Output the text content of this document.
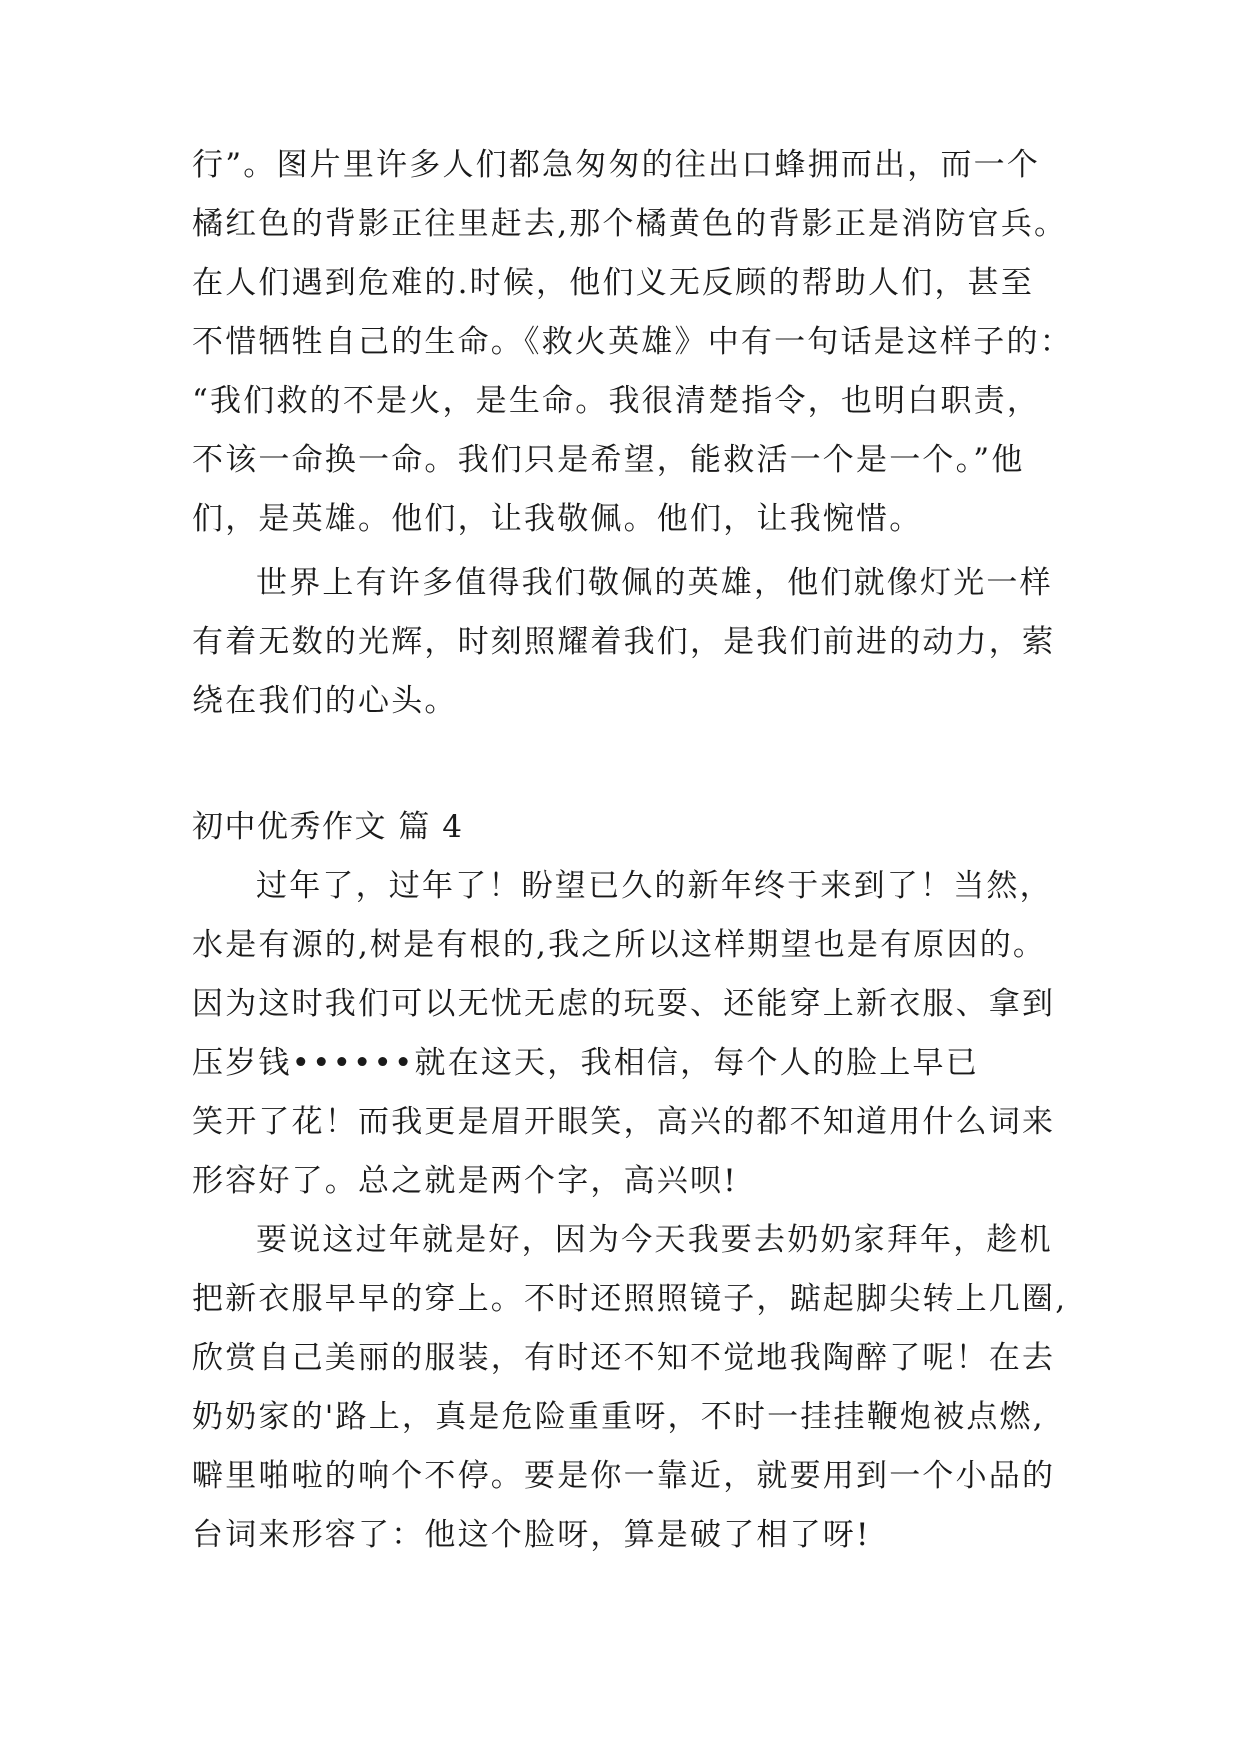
行”。图片里许多人们都急匆匆的往出口蜂拥而出，而一个
橘红色的背影正往里赶去,那个橘黄色的背影正是消防官兵。
在人们遇到危难的.时候，他们义无反顾的帮助人们，甚至
不惜牺牲自己的生命。《救火英雄》中有一句话是这样子的：
“我们救的不是火，是生命。我很清楚指令，也明白职责，
不该一命换一命。我们只是希望，能救活一个是一个。”他
们，是英雄。他们，让我敬佩。他们，让我惋惜。
世界上有许多值得我们敬佩的英雄，他们就像灯光一样
有着无数的光辉，时刻照耀着我们，是我们前进的动力，萦
绕在我们的心头。
初中优秀作文 篇 4
过年了，过年了！盼望已久的新年终于来到了！当然，
水是有源的,树是有根的,我之所以这样期望也是有原因的。
因为这时我们可以无忧无虑的玩耍、还能穿上新衣服、拿到
压岁钱••••••就在这天，我相信，每个人的脸上早已
笑开了花！而我更是眉开眼笑，高兴的都不知道用什么词来
形容好了。总之就是两个字，高兴呗!
要说这过年就是好，因为今天我要去奶奶家拜年，趁机
把新衣服早早的穿上。不时还照照镜子，踮起脚尖转上几圈,
欣赏自己美丽的服装，有时还不知不觉地我陶醉了呢！在去
奶奶家的'路上，真是危险重重呀，不时一挂挂鞭炮被点燃,
噼里啪啦的响个不停。要是你一靠近，就要用到一个小品的
台词来形容了：他这个脸呀，算是破了相了呀!
